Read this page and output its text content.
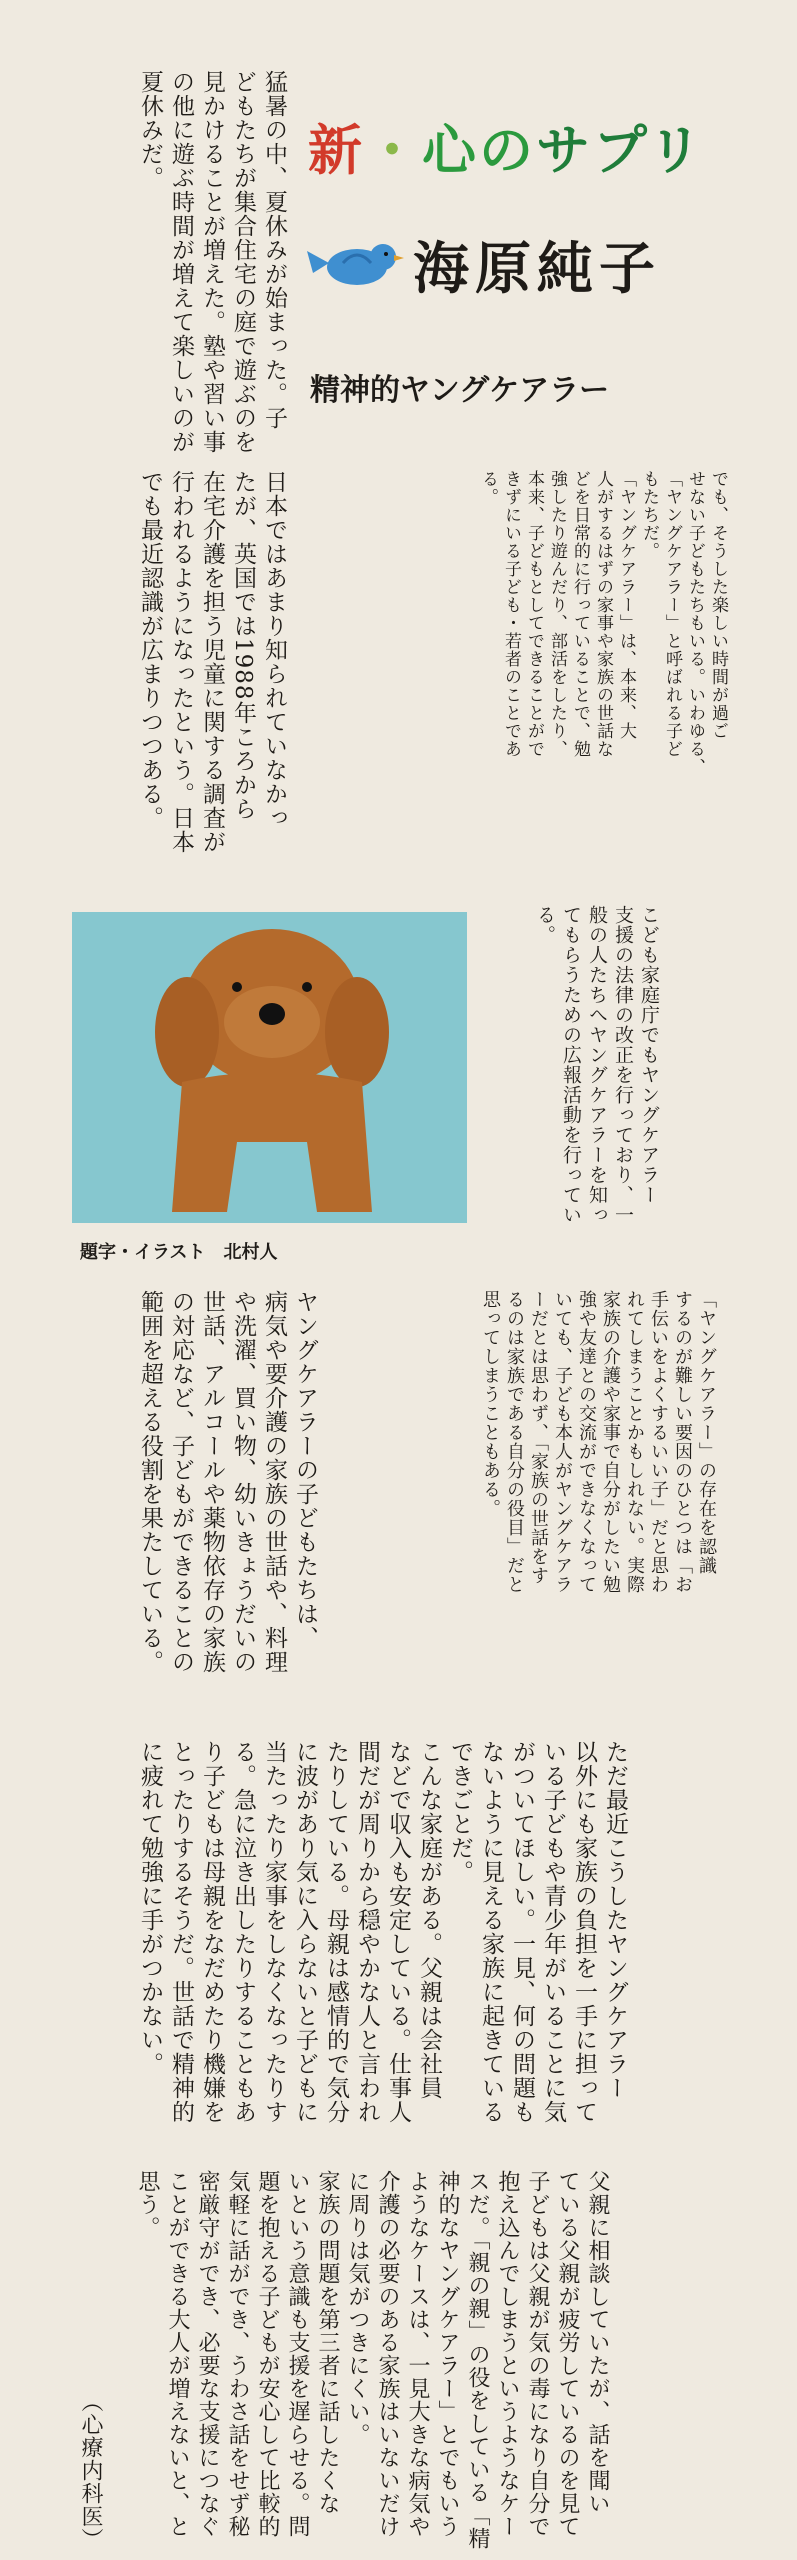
新・心のサプリ
海原純子
精神的ヤングケアラー

猛暑の中、夏休みが始まった。子
どもたちが集合住宅の庭で遊ぶのを
見かけることが増えた。塾や習い事
の他に遊ぶ時間が増えて楽しいのが
夏休みだ。

でも、そうした楽しい時間が過ご
せない子どもたちもいる。いわゆる、
「ヤングケアラー」と呼ばれる子ど
もたちだ。
「ヤングケアラー」は、本来、大
人がするはずの家事や家族の世話な
どを日常的に行っていることで、勉
強したり遊んだり、部活をしたり、
本来、子どもとしてできることがで
きずにいる子ども・若者のことであ
る。

日本ではあまり知られていなかっ
たが、英国では1988年ころから
在宅介護を担う児童に関する調査が
行われるようになったという。日本
でも最近認識が広まりつつある。

題字・イラスト　北村人

こども家庭庁でもヤングケアラー
支援の法律の改正を行っており、一
般の人たちへヤングケアラーを知っ
てもらうための広報活動を行ってい
る。

「ヤングケアラー」の存在を認識
するのが難しい要因のひとつは「お
手伝いをよくするいい子」だと思わ
れてしまうことかもしれない。実際
家族の介護や家事で自分がしたい勉
強や友達との交流ができなくなって
いても、子ども本人がヤングケアラ
ーだとは思わず、「家族の世話をす
るのは家族である自分の役目」だと
思ってしまうこともある。

ヤングケアラーの子どもたちは、
病気や要介護の家族の世話や、料理
や洗濯、買い物、幼いきょうだいの
世話、アルコールや薬物依存の家族
の対応など、子どもができることの
範囲を超える役割を果たしている。

ただ最近こうしたヤングケアラー
以外にも家族の負担を一手に担って
いる子どもや青少年がいることに気
がついてほしい。一見、何の問題も
ないように見える家族に起きている
できごとだ。
こんな家庭がある。父親は会社員
などで収入も安定している。仕事人
間だが周りから穏やかな人と言われ
たりしている。母親は感情的で気分
に波があり気に入らないと子どもに
当たったり家事をしなくなったりす
る。急に泣き出したりすることもあ
り子どもは母親をなだめたり機嫌を
とったりするそうだ。世話で精神的
に疲れて勉強に手がつかない。

父親に相談していたが、話を聞い
ている父親が疲労しているのを見て
子どもは父親が気の毒になり自分で
抱え込んでしまうというようなケー
スだ。「親の親」の役をしている「精
神的なヤングケアラー」とでもいう
ようなケースは、一見大きな病気や
介護の必要のある家族はいないだけ
に周りは気がつきにくい。
家族の問題を第三者に話したくな
いという意識も支援を遅らせる。問
題を抱える子どもが安心して比較的
気軽に話ができ、うわさ話をせず秘
密厳守ができ、必要な支援につなぐ
ことができる大人が増えないと、と
思う。

（心療内科医）
